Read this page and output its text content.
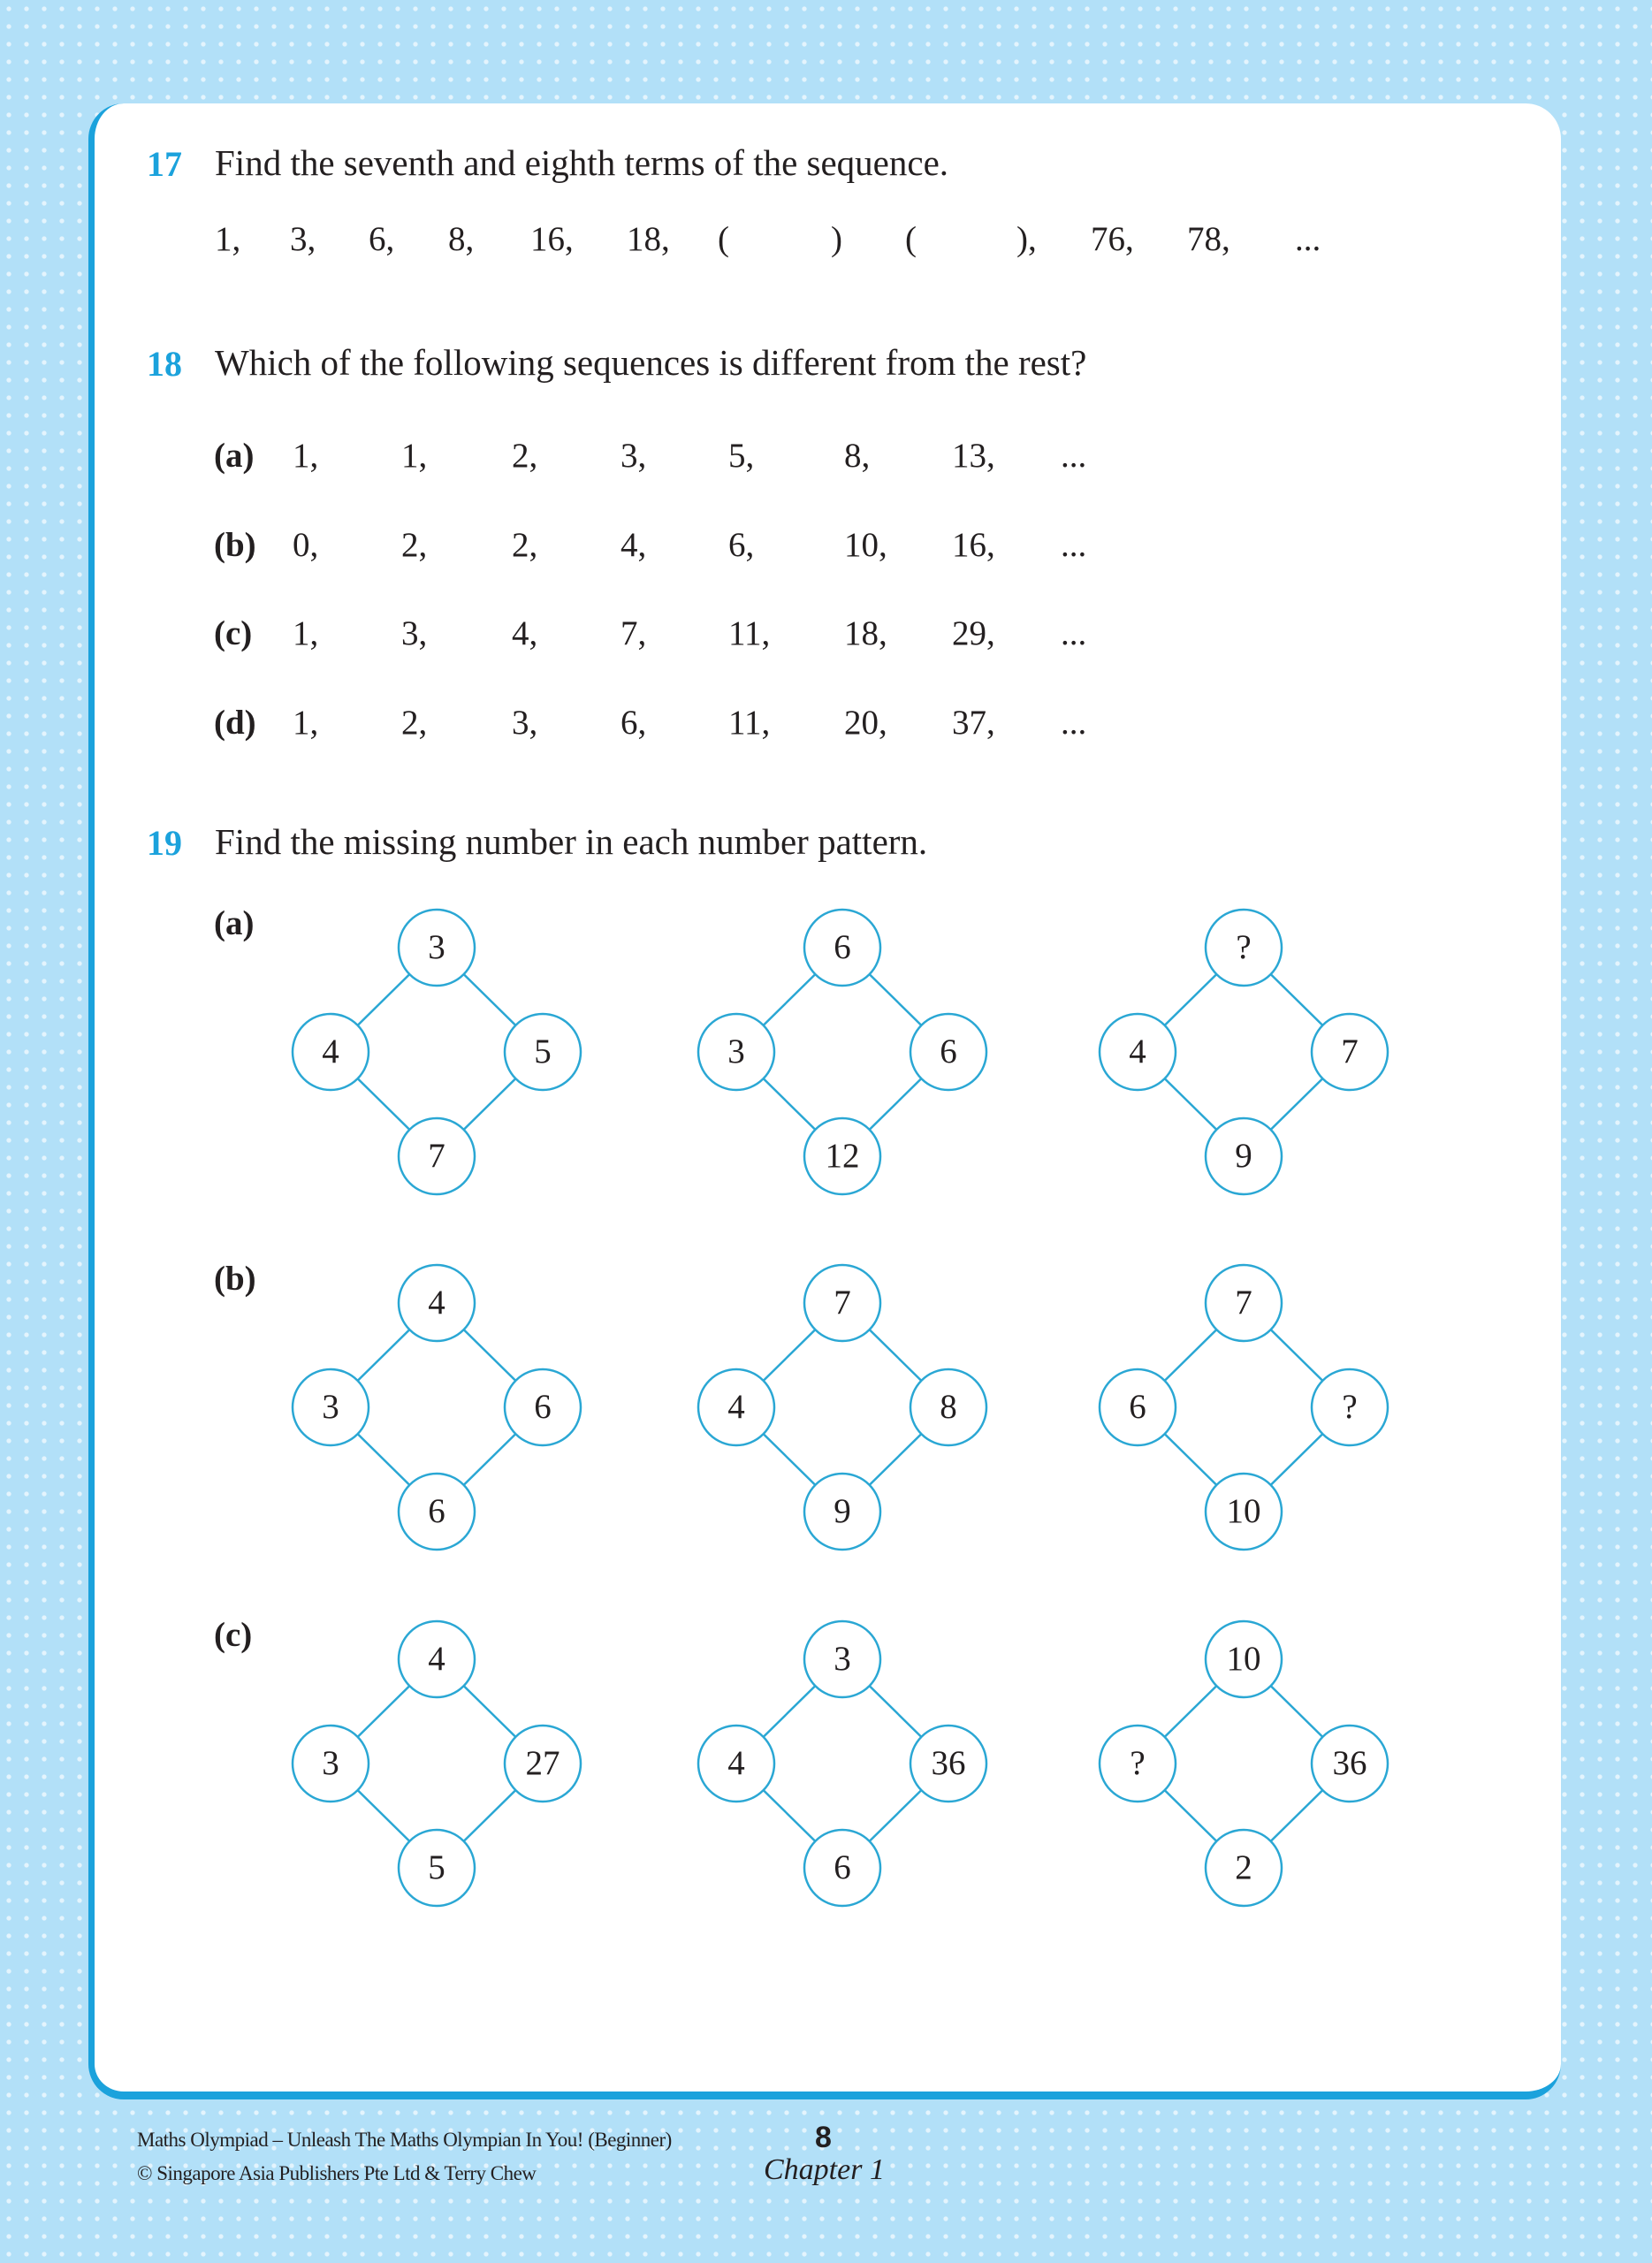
17 Find the seventh and eighth terms of the sequence.
1, 3, 6, 8, 16, 18, (	) (	), 76, 78, ...
18 Which of the following sequences is different from the rest?
(a) 1, 1, 2, 3, 5,	8, 13, ...
(b) 0, 2, 2, 4, 6,	10, 16, ...
(c) 1, 3, 4, 7, 11, 18, 29, ...
(d) 1, 2, 3, 6, 11, 20, 37, ...
19 Find the missing number in each number pattern.
(a)
3
4	5
7
6
3	6
12
?
4	7
9
(b)
4
3	6
6
7
4	8
9
7
6	?
10
(c)
4
3	27
5
3
4	36
6
10
?	36
2
Maths Olympiad – Unleash The Maths Olympian In You! (Beginner)
© Singapore Asia Publishers Pte Ltd & Terry Chew
8
Chapter 1
